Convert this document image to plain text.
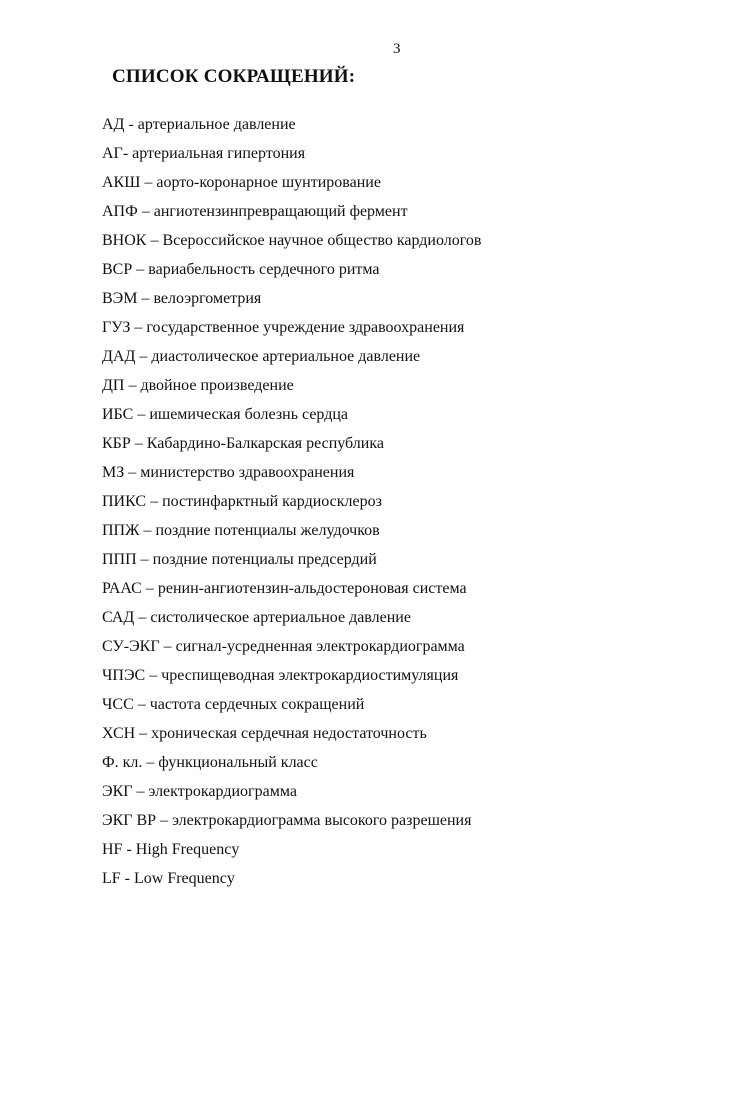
3
СПИСОК СОКРАЩЕНИЙ:
АД - артериальное давление
АГ- артериальная гипертония
АКШ – аорто-коронарное шунтирование
АПФ – ангиотензинпревращающий фермент
ВНОК – Всероссийское научное общество кардиологов
ВСР – вариабельность сердечного ритма
ВЭМ – велоэргометрия
ГУЗ – государственное учреждение здравоохранения
ДАД – диастолическое артериальное давление
ДП – двойное произведение
ИБС – ишемическая болезнь сердца
КБР – Кабардино-Балкарская республика
МЗ – министерство здравоохранения
ПИКС – постинфарктный кардиосклероз
ППЖ – поздние потенциалы желудочков
ППП – поздние потенциалы предсердий
РААС – ренин-ангиотензин-альдостероновая система
САД – систолическое артериальное давление
СУ-ЭКГ – сигнал-усредненная электрокардиограмма
ЧПЭС – чреспищеводная электрокардиостимуляция
ЧСС – частота сердечных сокращений
ХСН – хроническая сердечная недостаточность
Ф. кл. – функциональный класс
ЭКГ – электрокардиограмма
ЭКГ ВР – электрокардиограмма высокого разрешения
HF - High Frequency
LF - Low Frequency
